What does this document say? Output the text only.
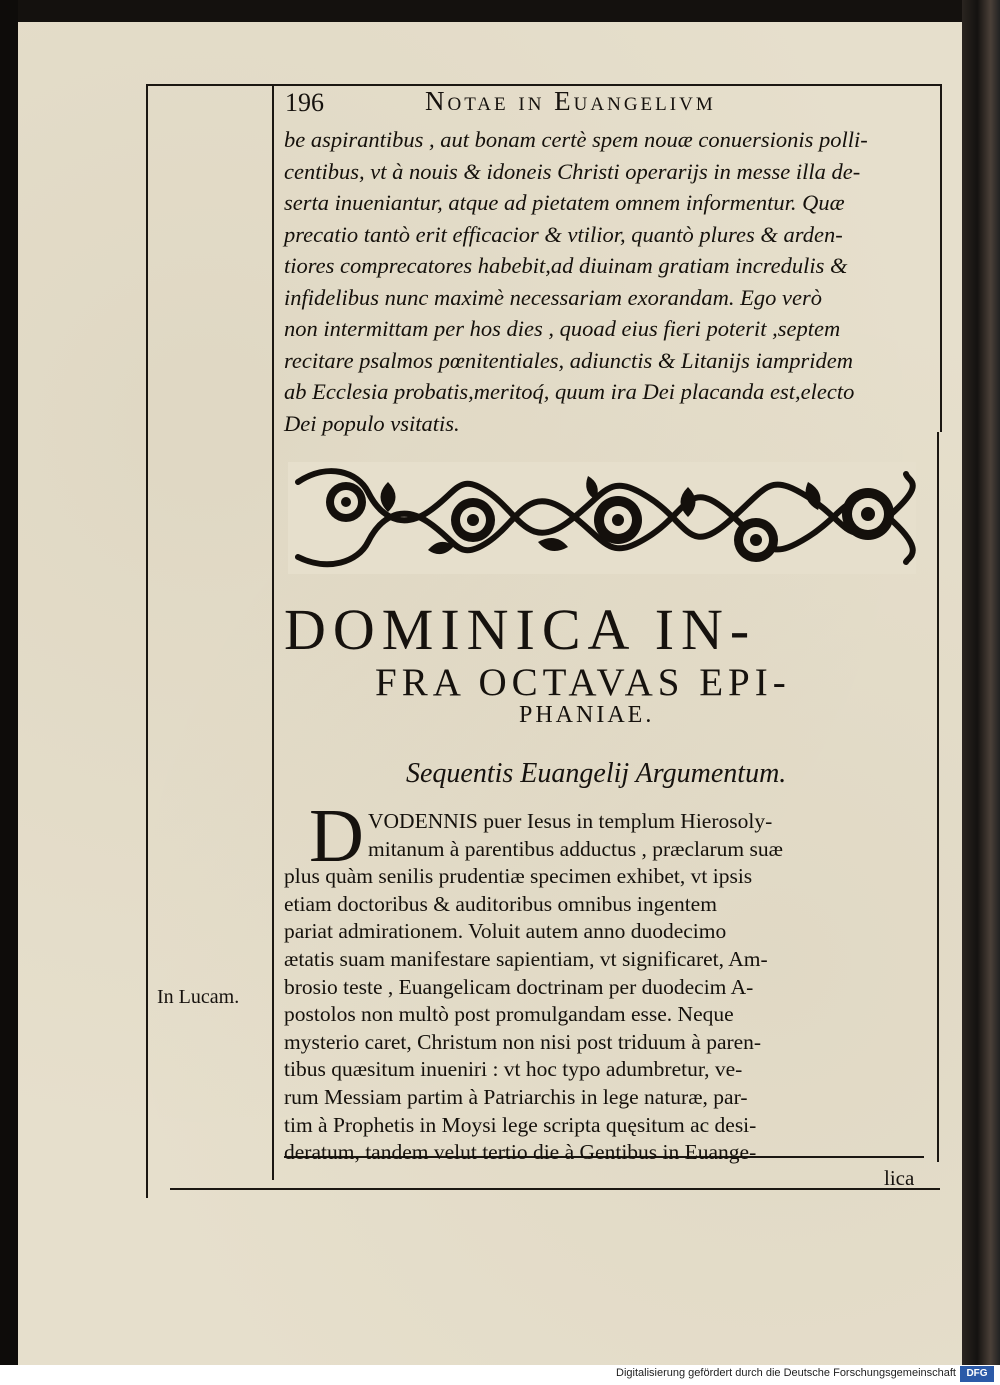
196	Notae in Euangelivm

be aspirantibus , aut bonam certè spem nouæ conuersionis polli-

centibus, vt à nouis & idoneis Christi operarijs in messe illa de-

serta inueniantur, atque ad pietatem omnem informentur. Quæ

precatio tantò erit efficacior & vtilior, quantò plures & arden-

tiores comprecatores habebit,ad diuinam gratiam incredulis &

infidelibus nunc maximè necessariam exorandam. Ego verò

non intermittam per hos dies , quoad eius fieri poterit ,septem

recitare psalmos pœnitentiales, adiunctis & Litanijs iampridem

ab Ecclesia probatis,meritoq́, quum ira Dei placanda est,electo

Dei populo vsitatis.

DOMINICA IN-
FRA OCTAVAS EPI-
PHANIAE.
Sequentis Euangelij Argumentum.
D VODENNIS puer Iesus in templum Hierosoly-

mitanum à parentibus adductus , præclarum suæ

plus quàm senilis prudentiæ specimen exhibet, vt ipsis

etiam doctoribus & auditoribus omnibus ingentem

pariat admirationem. Voluit autem anno duodecimo

ætatis suam manifestare sapientiam, vt significaret, Am-

brosio teste , Euangelicam doctrinam per duodecim A-

postolos non multò post promulgandam esse. Neque

mysterio caret, Christum non nisi post triduum à paren-

tibus quæsitum inueniri : vt hoc typo adumbretur, ve-

rum Messiam partim à Patriarchis in lege naturæ, par-

tim à Prophetis in Moysi lege scripta quęsitum ac desi-

deratum, tandem velut tertio die à Gentibus in Euange-

In Lucam.
lica
Digitalisierung gefördert durch die Deutsche Forschungsgemeinschaft	DFG
